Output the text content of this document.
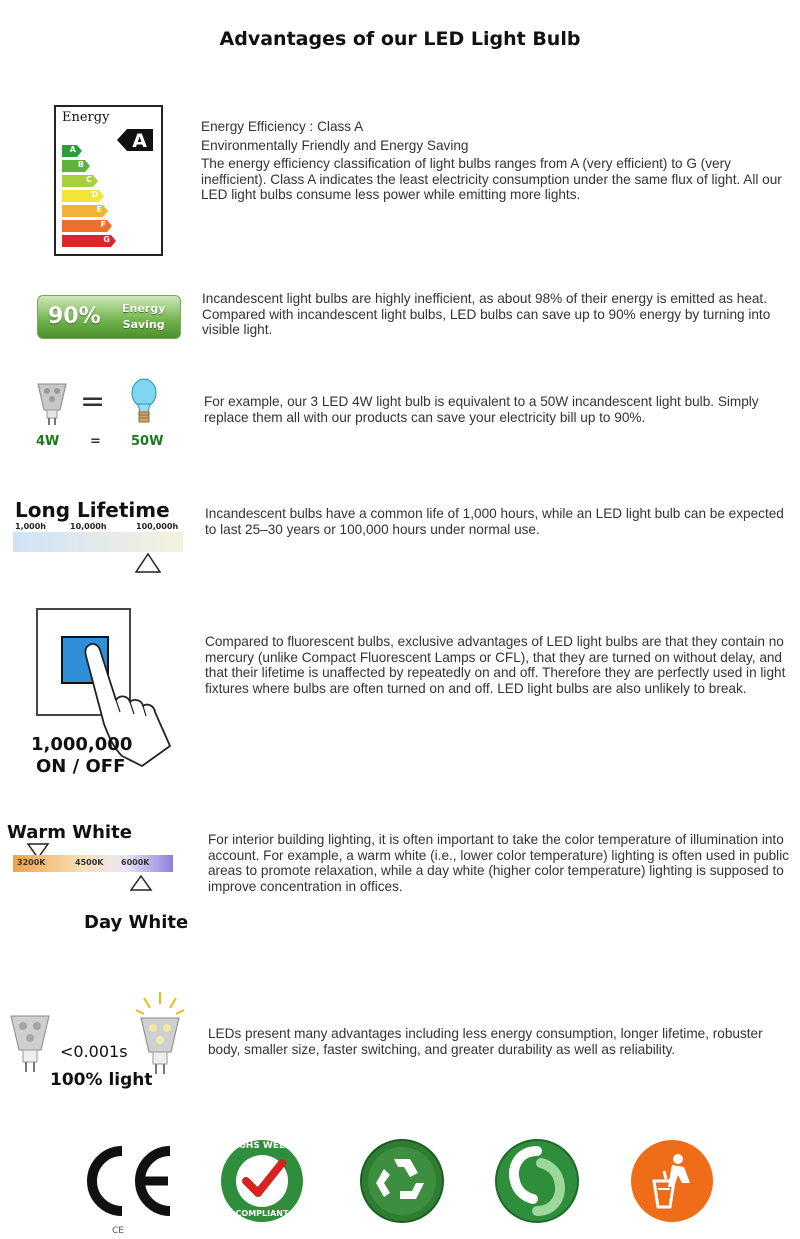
Advantages of our LED Light Bulb
Energy
A
A
B
C
D
E
F
G
Energy Efficiency : Class A
Environmentally Friendly and Energy Saving
The energy efficiency classification of light bulbs ranges from A (very efficient) to G (very inefficient). Class A indicates the least electricity consumption under the same flux of light. All our LED light bulbs consume less power while emitting more lights.
90% Energy
Saving
Incandescent light bulbs are highly inefficient, as about 98% of their energy is emitted as heat. Compared with incandescent light bulbs, LED bulbs can save up to 90% energy by turning into visible light.
=
4W = 50W
For example, our 3 LED 4W light bulb is equivalent to a 50W incandescent light bulb. Simply replace them all with our products can save your electricity bill up to 90%.
Long Lifetime
1,000h	10,000h	100,000h
Incandescent bulbs have a common life of 1,000 hours, while an LED light bulb can be expected to last 25–30 years or 100,000 hours under normal use.
1,000,000
ON / OFF
Compared to fluorescent bulbs, exclusive advantages of LED light bulbs are that they contain no mercury (unlike Compact Fluorescent Lamps or CFL), that they are turned on without delay, and that their lifetime is unaffected by repeatedly on and off. Therefore they are perfectly used in light fixtures where bulbs are often turned on and off. LED light bulbs are also unlikely to break.
Warm White
3200K	4500K 6000K
Day White
For interior building lighting, it is often important to take the color temperature of illumination into account. For example, a warm white (i.e., lower color temperature) lighting is often used in public areas to promote relaxation, while a day white (higher color temperature) lighting is supposed to improve concentration in offices.
<0.001s
100% light
LEDs present many advantages including less energy consumption, longer lifetime, robuster body, smaller size, faster switching, and greater durability as well as reliability.
RoHS WEEE
COMPLIANT
CE
